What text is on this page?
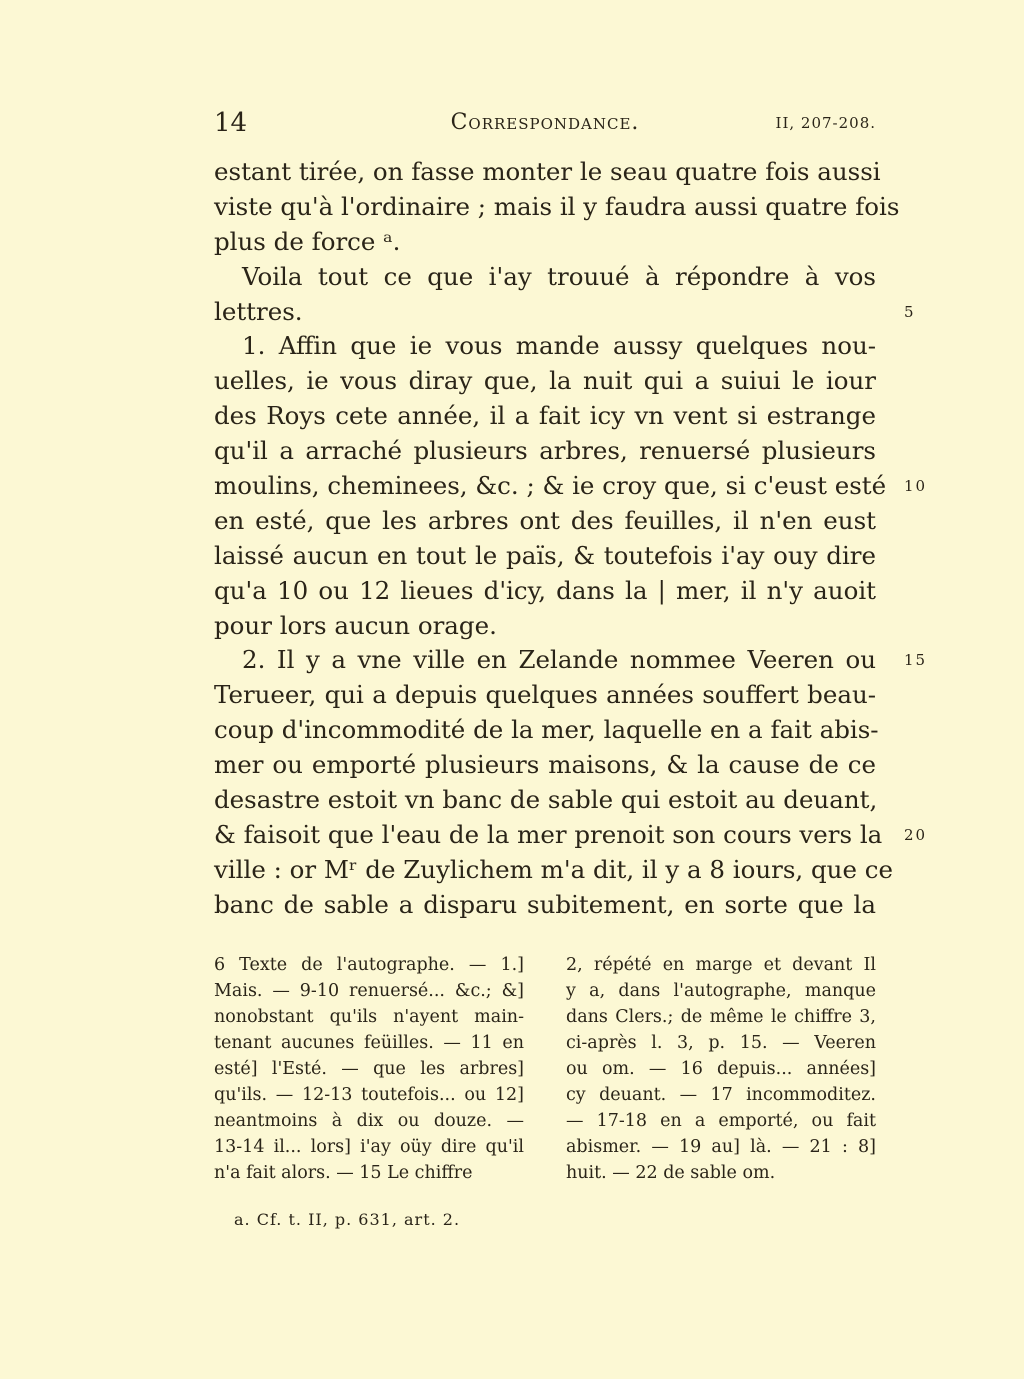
14	Correspondance.	II, 207-208.
estant tirée, on fasse monter le seau quatre fois aussi
viste qu'à l'ordinaire ; mais il y faudra aussi quatre fois
plus de force ᵃ.
Voila tout ce que i'ay trouué à répondre à vos
lettres.	5
1. Affin que ie vous mande aussy quelques nou-
uelles, ie vous diray que, la nuit qui a suiui le iour
des Roys cete année, il a fait icy vn vent si estrange
qu'il a arraché plusieurs arbres, renuersé plusieurs
moulins, cheminees, &c. ; & ie croy que, si c'eust esté 10
en esté, que les arbres ont des feuilles, il n'en eust
laissé aucun en tout le païs, & toutefois i'ay ouy dire
qu'a 10 ou 12 lieues d'icy, dans la | mer, il n'y auoit
pour lors aucun orage.
2. Il y a vne ville en Zelande nommee Veeren ou 15
Terueer, qui a depuis quelques années souffert beau-
coup d'incommodité de la mer, laquelle en a fait abis-
mer ou emporté plusieurs maisons, & la cause de ce
desastre estoit vn banc de sable qui estoit au deuant,
& faisoit que l'eau de la mer prenoit son cours vers la 20
ville : or Mʳ de Zuylichem m'a dit, il y a 8 iours, que ce
banc de sable a disparu subitement, en sorte que la
6 Texte de l'autographe. — 1.]
Mais. — 9-10 renuersé... &c.; &]
nonobstant qu'ils n'ayent main-
tenant aucunes feüilles. — 11 en
esté] l'Esté. — que les arbres]
qu'ils. — 12-13 toutefois... ou 12]
neantmoins à dix ou douze. —
13-14 il... lors] i'ay oüy dire qu'il
n'a fait alors. — 15 Le chiffre
2, répété en marge et devant Il
y a, dans l'autographe, manque
dans Clers.; de même le chiffre 3,
ci-après l. 3, p. 15. — Veeren
ou om. — 16 depuis... années]
cy deuant. — 17 incommoditez.
— 17-18 en a emporté, ou fait
abismer. — 19 au] là. — 21 : 8]
huit. — 22 de sable om.
a. Cf. t. II, p. 631, art. 2.
